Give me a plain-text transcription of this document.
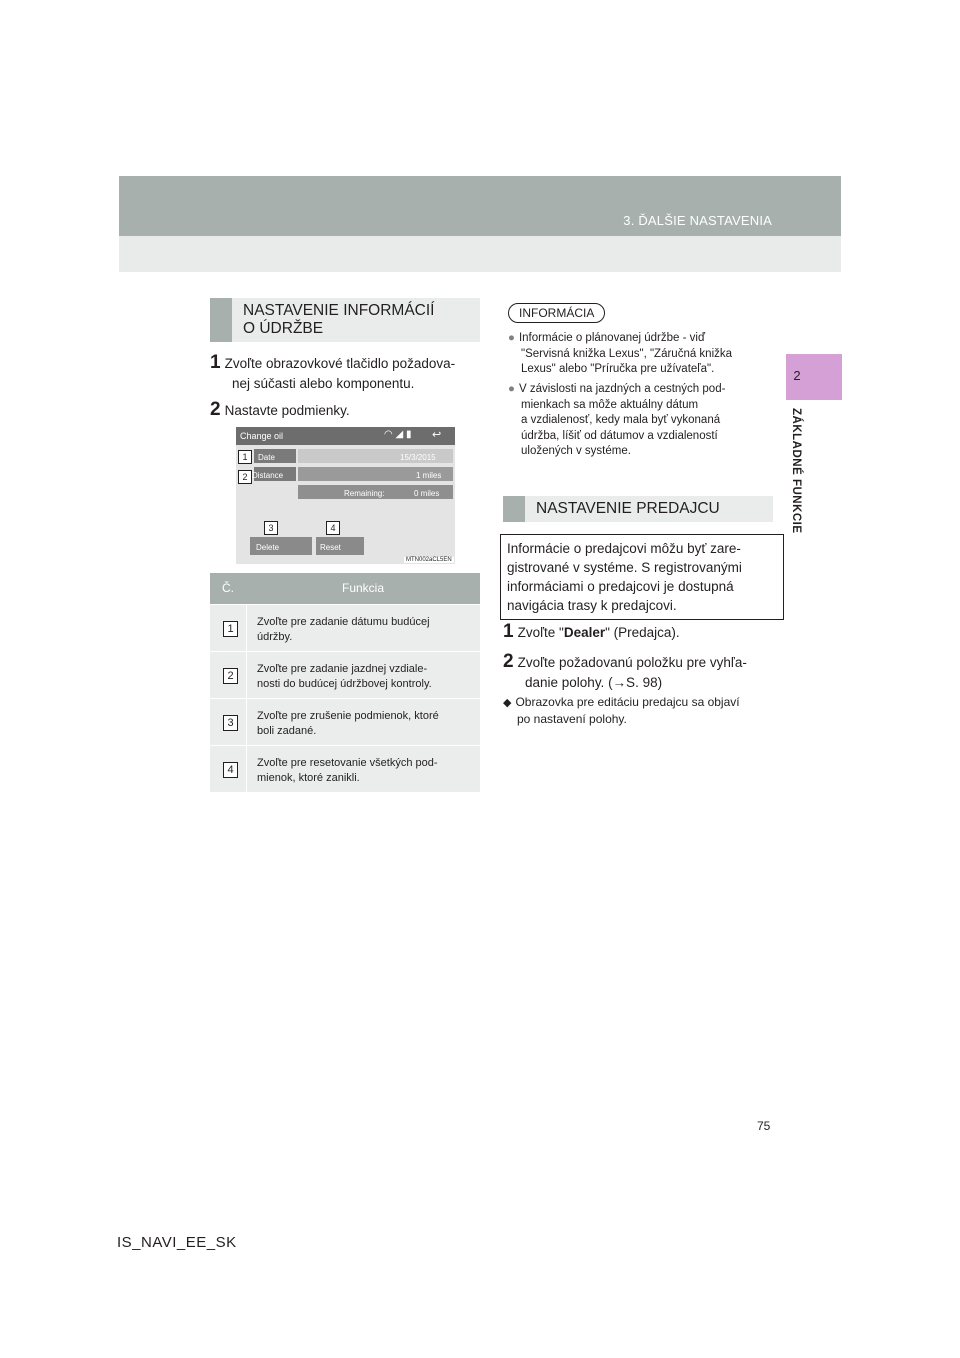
3. ĎALŠIE NASTAVENIA
2
ZÁKLADNÉ FUNKCIE
NASTAVENIE INFORMÁCIÍ
O ÚDRŽBE
1 Zvoľte obrazovkové tlačidlo požadova-
nej súčasti alebo komponentu.
2 Nastavte podmienky.
Change oil	◠ ◢ ▮ ↩
Date	15/3/2015
Distance	1 miles
Remaining:	0 miles
Delete	Reset
1
2
3	4
MTN002aCL5EN
Č.	Funkcia
1
Zvoľte pre zadanie dátumu budúcej
údržby.
2
Zvoľte pre zadanie jazdnej vzdiale-
nosti do budúcej údržbovej kontroly.
3
Zvoľte pre zrušenie podmienok, ktoré
boli zadané.
4
Zvoľte pre resetovanie všetkých pod-
mienok, ktoré zanikli.
INFORMÁCIA
● Informácie o plánovanej údržbe - viď
"Servisná knižka Lexus", "Záručná knižka
Lexus" alebo "Príručka pre užívateľa".
● V závislosti na jazdných a cestných pod-
mienkach sa môže aktuálny dátum
a vzdialenosť, kedy mala byť vykonaná
údržba, líšiť od dátumov a vzdialeností
uložených v systéme.
NASTAVENIE PREDAJCU
Informácie o predajcovi môžu byť zare-
gistrované v systéme. S registrovanými
informáciami o predajcovi je dostupná
navigácia trasy k predajcovi.
1 Zvoľte "Dealer" (Predajca).
2 Zvoľte požadovanú položku pre vyhľa-
danie polohy. (→S. 98)
◆ Obrazovka pre editáciu predajcu sa objaví
po nastavení polohy.
75
IS_NAVI_EE_SK
